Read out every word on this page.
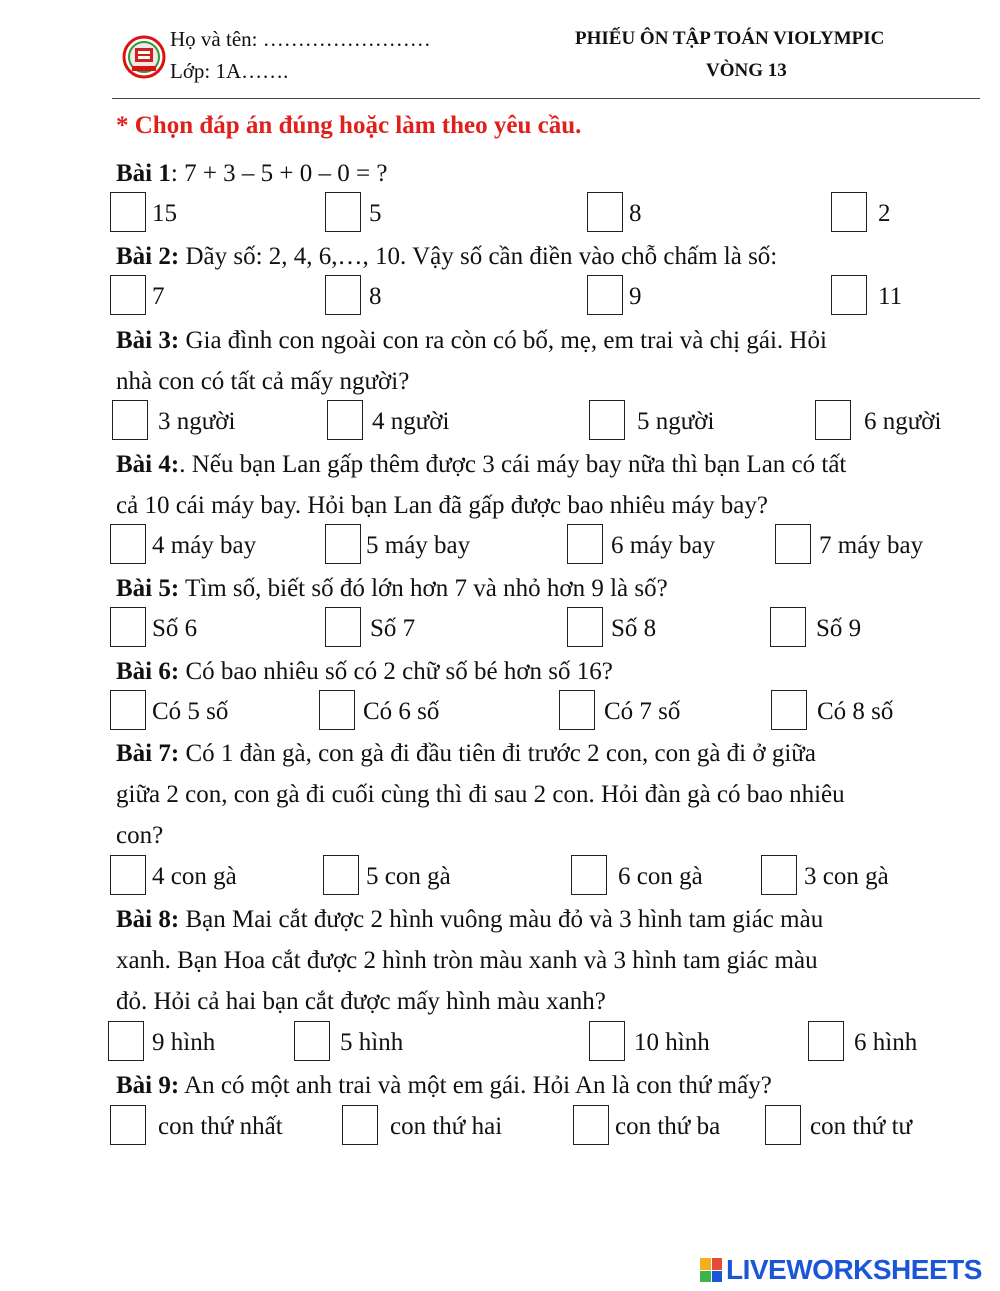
Họ và tên: ……………………
Lớp: 1A…….
PHIẾU ÔN TẬP TOÁN VIOLYMPIC
VÒNG 13
* Chọn đáp án đúng hoặc làm theo yêu cầu.
Bài 1: 7 + 3 – 5 + 0 – 0 = ?
15	5	8	2
Bài 2: Dãy số: 2, 4, 6,…, 10. Vậy số cần điền vào chỗ chấm là số:
7	8	9	11
Bài 3: Gia đình con ngoài con ra còn có bố, mẹ, em trai và chị gái. Hỏi
nhà con có tất cả mấy người?
3 người	4 người	5 người	6 người
Bài 4:. Nếu bạn Lan gấp thêm được 3 cái máy bay nữa thì bạn Lan có tất
cả 10 cái máy bay. Hỏi bạn Lan đã gấp được bao nhiêu máy bay?
4 máy bay	5 máy bay	6 máy bay	7 máy bay
Bài 5: Tìm số, biết số đó lớn hơn 7 và nhỏ hơn 9 là số?
Số 6	Số 7	Số 8	Số 9
Bài 6: Có bao nhiêu số có 2 chữ số bé hơn số 16?
Có 5 số	Có 6 số	Có 7 số	Có 8 số
Bài 7: Có 1 đàn gà, con gà đi đầu tiên đi trước 2 con, con gà đi ở giữa
giữa 2 con, con gà đi cuối cùng thì đi sau 2 con. Hỏi đàn gà có bao nhiêu
con?
4 con gà	5 con gà	6 con gà	3 con gà
Bài 8: Bạn Mai cắt được 2 hình vuông màu đỏ và 3 hình tam giác màu
xanh. Bạn Hoa cắt được 2 hình tròn màu xanh và 3 hình tam giác màu
đỏ. Hỏi cả hai bạn cắt được mấy hình màu xanh?
9 hình	5 hình	10 hình	6 hình
Bài 9: An có một anh trai và một em gái. Hỏi An là con thứ mấy?
con thứ nhất	con thứ hai	con thứ ba	con thứ tư
LIVEWORKSHEETS
